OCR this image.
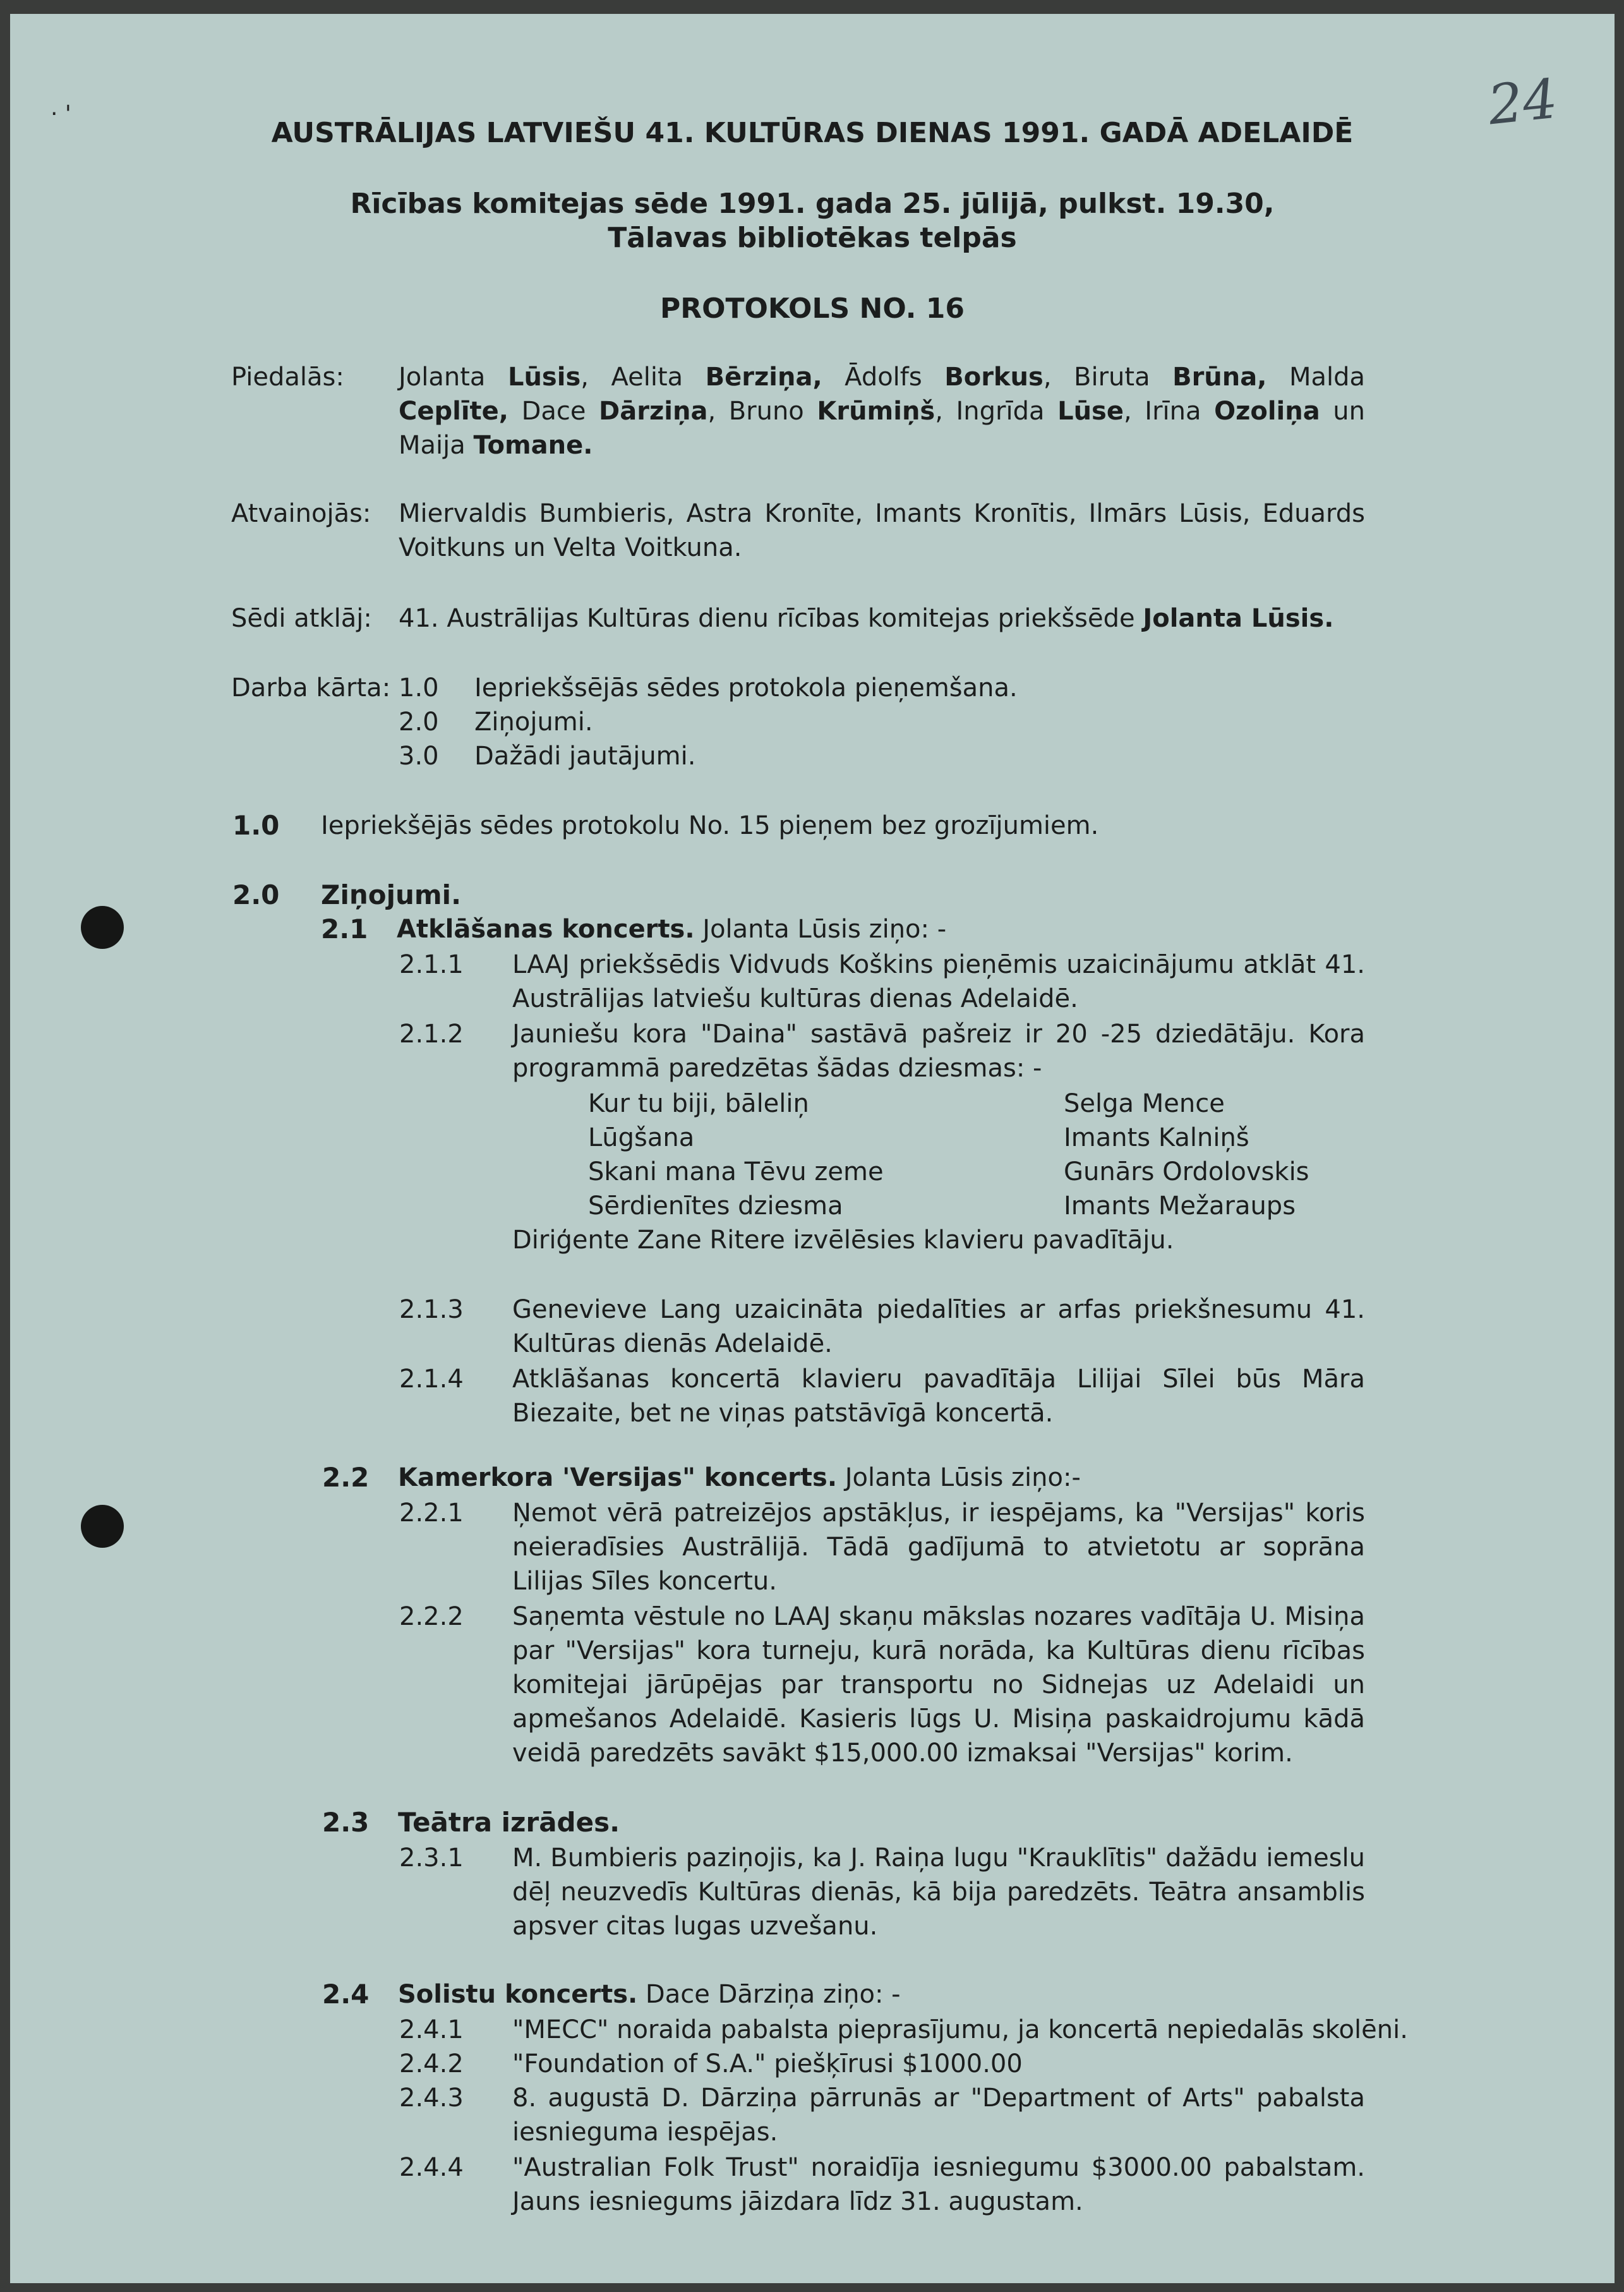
24
· '
AUSTRĀLIJAS LATVIEŠU 41. KULTŪRAS DIENAS 1991. GADĀ ADELAIDĒ
Rīcības komitejas sēde 1991. gada 25. jūlijā, pulkst. 19.30,
Tālavas bibliotēkas telpās
PROTOKOLS NO. 16
Piedalās: Jolanta Lūsis, Aelita Bērziņa, Ādolfs Borkus, Biruta Brūna, Malda Ceplīte, Dace Dārziņa, Bruno Krūmiņš, Ingrīda Lūse, Irīna Ozoliņa un Maija Tomane.
Atvainojās: Miervaldis Bumbieris, Astra Kronīte, Imants Kronītis, Ilmārs Lūsis, Eduards
Voitkuns un Velta Voitkuna.
Sēdi atklāj: 41. Austrālijas Kultūras dienu rīcības komitejas priekšsēde Jolanta Lūsis.
Darba kārta: 1.0 Iepriekšsējās sēdes protokola pieņemšana.
2.0 Ziņojumi.
3.0 Dažādi jautājumi.
1.0 Iepriekšējās sēdes protokolu No. 15 pieņem bez grozījumiem.
2.0 Ziņojumi.
2.1 Atklāšanas koncerts. Jolanta Lūsis ziņo: -
2.1.1 LAAJ priekšsēdis Vidvuds Koškins pieņēmis uzaicinājumu atklāt 41. Austrālijas latviešu kultūras dienas Adelaidē.
2.1.2 Jauniešu kora "Daina" sastāvā pašreiz ir 20 -25 dziedātāju. Kora programmā paredzētas šādas dziesmas: -
Kur tu biji, bāleliņ	Selga Mence
Lūgšana	Imants Kalniņš
Skani mana Tēvu zeme	Gunārs Ordolovskis
Sērdienītes dziesma	Imants Mežaraups
Diriģente Zane Ritere izvēlēsies klavieru pavadītāju.
2.1.3 Genevieve Lang uzaicināta piedalīties ar arfas priekšnesumu 41. Kultūras dienās Adelaidē.
2.1.4 Atklāšanas koncertā klavieru pavadītāja Lilijai Sīlei būs Māra Biezaite, bet ne viņas patstāvīgā koncertā.
2.2 Kamerkora 'Versijas" koncerts. Jolanta Lūsis ziņo:-
2.2.1 Ņemot vērā patreizējos apstākļus, ir iespējams, ka "Versijas" koris neieradīsies Austrālijā. Tādā gadījumā to atvietotu ar soprāna Lilijas Sīles koncertu.
2.2.2 Saņemta vēstule no LAAJ skaņu mākslas nozares vadītāja U. Misiņa par "Versijas" kora turneju, kurā norāda, ka Kultūras dienu rīcības komitejai jārūpējas par transportu no Sidnejas uz Adelaidi un apmešanos Adelaidē. Kasieris lūgs U. Misiņa paskaidrojumu kādā veidā paredzēts savākt $15,000.00 izmaksai "Versijas" korim.
2.3 Teātra izrādes.
2.3.1 M. Bumbieris paziņojis, ka J. Raiņa lugu "Krauklītis" dažādu iemeslu dēļ neuzvedīs Kultūras dienās, kā bija paredzēts. Teātra ansamblis apsver citas lugas uzvešanu.
2.4 Solistu koncerts. Dace Dārziņa ziņo: -
2.4.1 "MECC" noraida pabalsta pieprasījumu, ja koncertā nepiedalās skolēni.
2.4.2 "Foundation of S.A." piešķīrusi $1000.00
2.4.3 8. augustā D. Dārziņa pārrunās ar "Department of Arts" pabalsta iesnieguma iespējas.
2.4.4 "Australian Folk Trust" noraidīja iesniegumu $3000.00 pabalstam. Jauns iesniegums jāizdara līdz 31. augustam.
